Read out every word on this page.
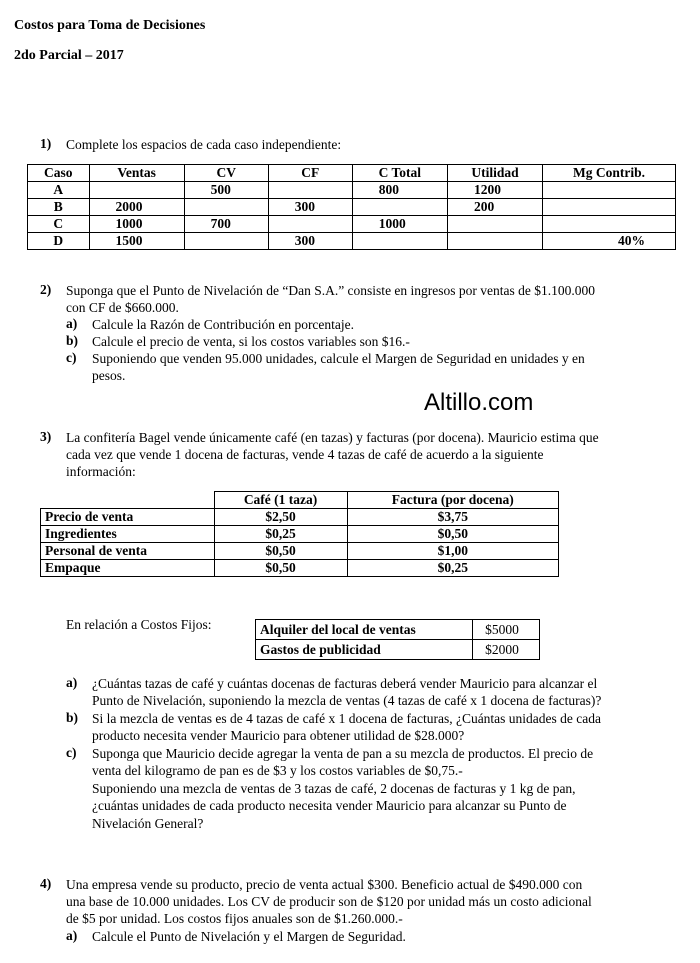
Costos para Toma de Decisiones
2do Parcial – 2017
1) Complete los espacios de cada caso independiente:
Caso	Ventas	CV	CF	C Total	Utilidad	Mg Contrib.
A		500		800	1200	
B	2000		300		200	
C	1000	700		1000		
D	1500		300			40%
2) Suponga que el Punto de Nivelación de “Dan S.A.” consiste en ingresos por ventas de $1.100.000
con CF de $660.000.
a) Calcule la Razón de Contribución en porcentaje.
b) Calcule el precio de venta, si los costos variables son $16.-
c) Suponiendo que venden 95.000 unidades, calcule el Margen de Seguridad en unidades y en
pesos.
Altillo.com
3) La confitería Bagel vende únicamente café (en tazas) y facturas (por docena). Mauricio estima que
cada vez que vende 1 docena de facturas, vende 4 tazas de café de acuerdo a la siguiente
información:
	Café (1 taza)	Factura (por docena)
Precio de venta	$2,50	$3,75
Ingredientes	$0,25	$0,50
Personal de venta	$0,50	$1,00
Empaque	$0,50	$0,25
En relación a Costos Fijos:	Alquiler del local de ventas	$5000
Gastos de publicidad	$2000
a) ¿Cuántas tazas de café y cuántas docenas de facturas deberá vender Mauricio para alcanzar el
Punto de Nivelación, suponiendo la mezcla de ventas (4 tazas de café x 1 docena de facturas)?
b) Si la mezcla de ventas es de 4 tazas de café x 1 docena de facturas, ¿Cuántas unidades de cada
producto necesita vender Mauricio para obtener utilidad de $28.000?
c) Suponga que Mauricio decide agregar la venta de pan a su mezcla de productos. El precio de
venta del kilogramo de pan es de $3 y los costos variables de $0,75.-
Suponiendo una mezcla de ventas de 3 tazas de café, 2 docenas de facturas y 1 kg de pan,
¿cuántas unidades de cada producto necesita vender Mauricio para alcanzar su Punto de
Nivelación General?
4) Una empresa vende su producto, precio de venta actual $300. Beneficio actual de $490.000 con
una base de 10.000 unidades. Los CV de producir son de $120 por unidad más un costo adicional
de $5 por unidad. Los costos fijos anuales son de $1.260.000.-
a) Calcule el Punto de Nivelación y el Margen de Seguridad.
